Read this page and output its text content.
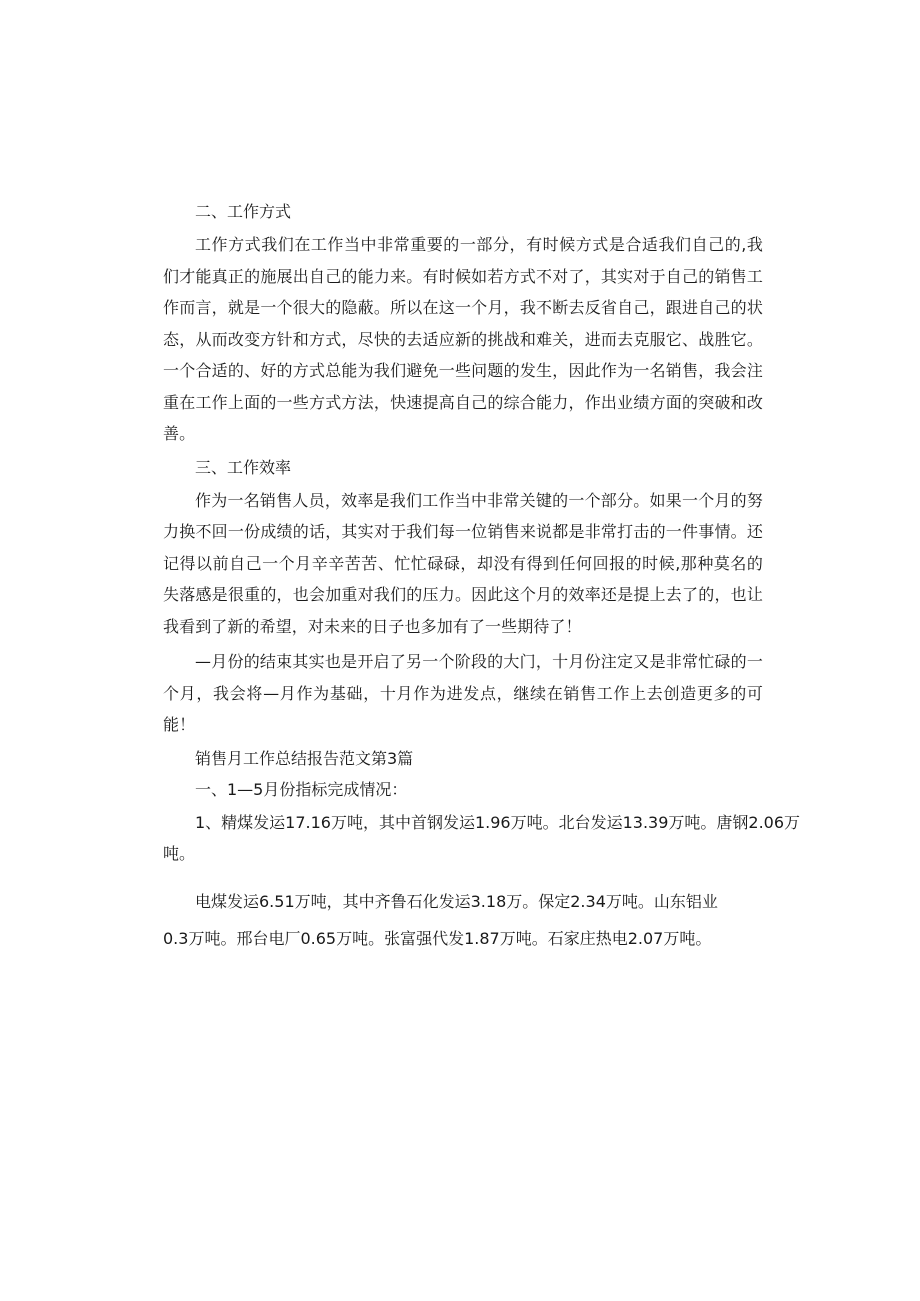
二、工作方式

工作方式我们在工作当中非常重要的一部分，有时候方式是合适我们自己的,我们才能真正的施展出自己的能力来。有时候如若方式不对了，其实对于自己的销售工作而言，就是一个很大的隐蔽。所以在这一个月，我不断去反省自己，跟进自己的状态，从而改变方针和方式，尽快的去适应新的挑战和难关，进而去克服它、战胜它。一个合适的、好的方式总能为我们避免一些问题的发生，因此作为一名销售，我会注重在工作上面的一些方式方法，快速提高自己的综合能力，作出业绩方面的突破和改善。

三、工作效率

作为一名销售人员，效率是我们工作当中非常关键的一个部分。如果一个月的努力换不回一份成绩的话，其实对于我们每一位销售来说都是非常打击的一件事情。还记得以前自己一个月辛辛苦苦、忙忙碌碌，却没有得到任何回报的时候,那种莫名的失落感是很重的，也会加重对我们的压力。因此这个月的效率还是提上去了的，也让我看到了新的希望，对未来的日子也多加有了一些期待了！

—月份的结束其实也是开启了另一个阶段的大门，十月份注定又是非常忙碌的一个月，我会将—月作为基础，十月作为进发点，继续在销售工作上去创造更多的可能！

销售月工作总结报告范文第3篇
一、1—5月份指标完成情况：
1、精煤发运17.16万吨，其中首钢发运1.96万吨。北台发运13.39万吨。唐钢2.06万
吨。
电煤发运6.51万吨，其中齐鲁石化发运3.18万。保定2.34万吨。山东铝业
0.3万吨。邢台电厂0.65万吨。张富强代发1.87万吨。石家庄热电2.07万吨。
